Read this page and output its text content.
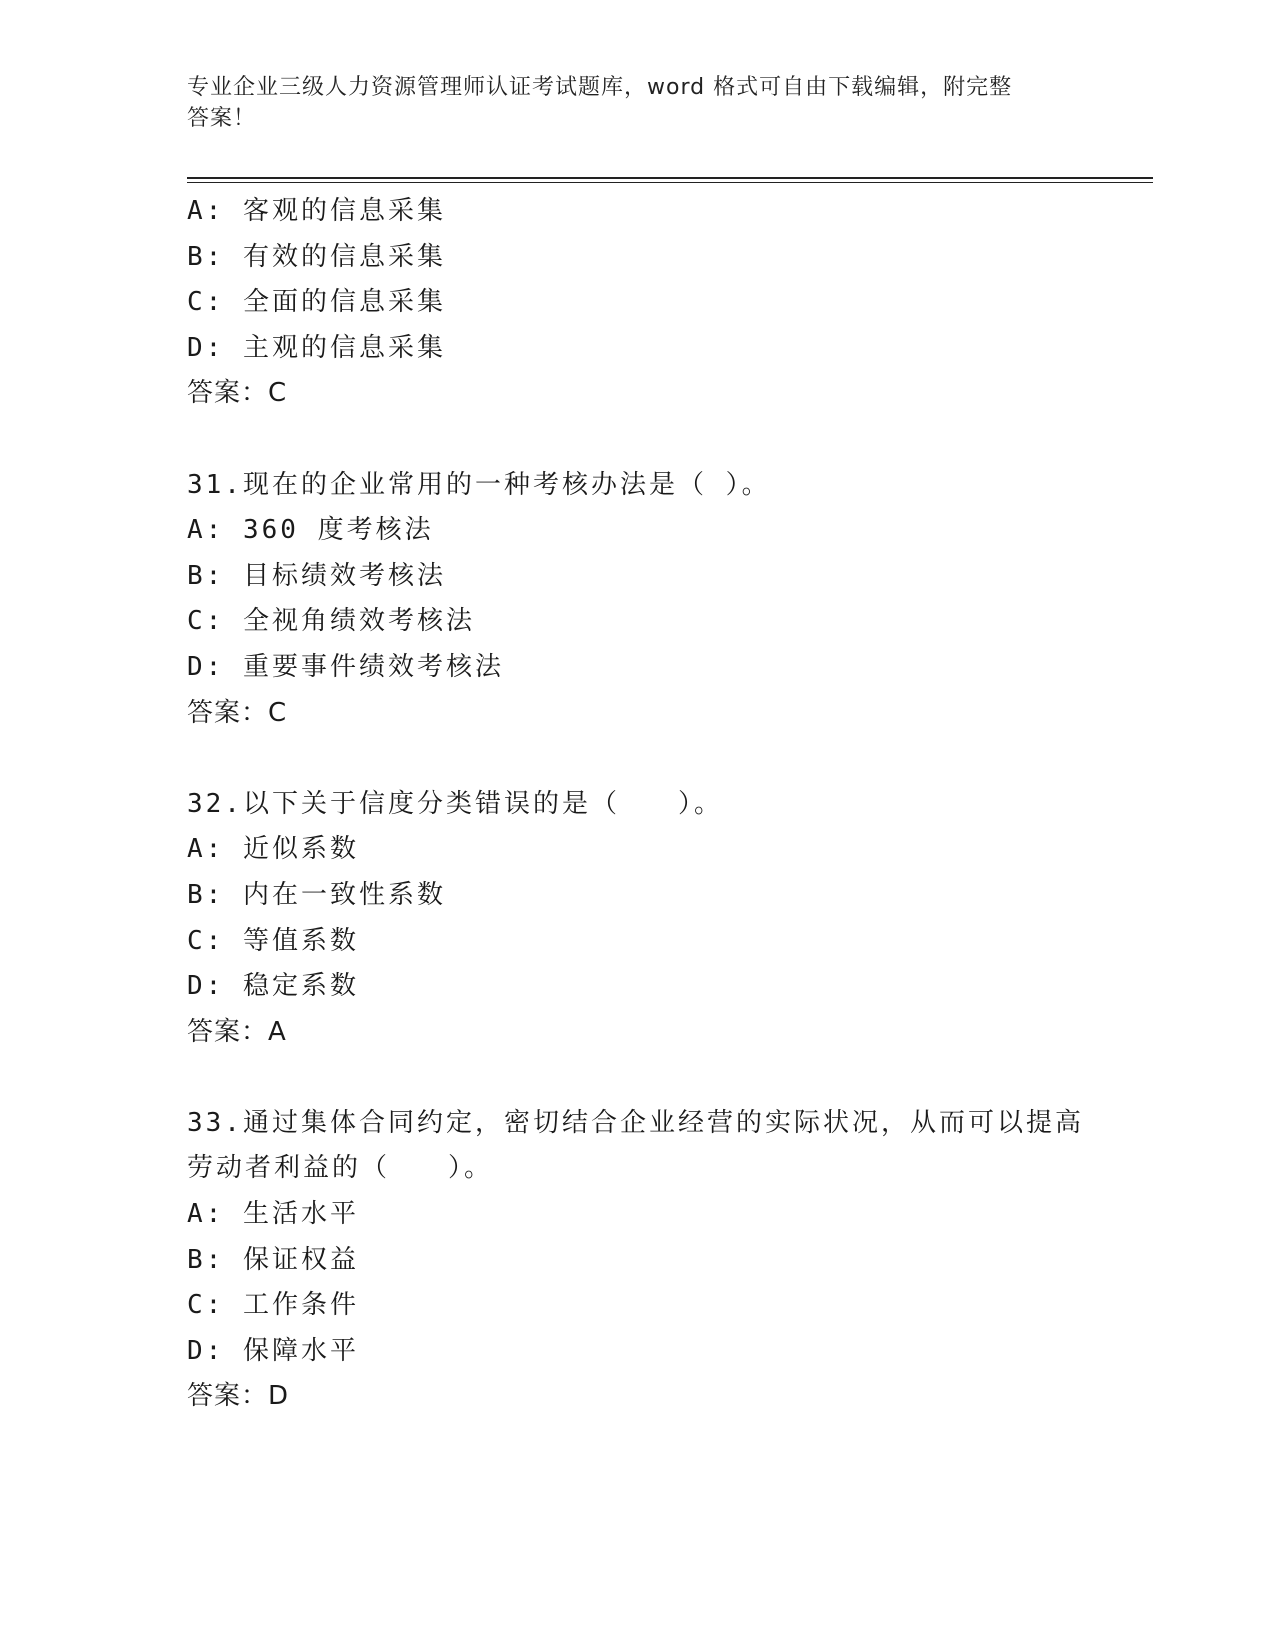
专业企业三级人力资源管理师认证考试题库，word 格式可自由下载编辑，附完整
答案！
A: 客观的信息采集
B: 有效的信息采集
C: 全面的信息采集
D: 主观的信息采集
答案：C
31.现在的企业常用的一种考核办法是（ ）。
A: 360 度考核法
B: 目标绩效考核法
C: 全视角绩效考核法
D: 重要事件绩效考核法
答案：C
32.以下关于信度分类错误的是（　　）。
A: 近似系数
B: 内在一致性系数
C: 等值系数
D: 稳定系数
答案：A
33.通过集体合同约定，密切结合企业经营的实际状况，从而可以提高
劳动者利益的（　　）。
A: 生活水平
B: 保证权益
C: 工作条件
D: 保障水平
答案：D
